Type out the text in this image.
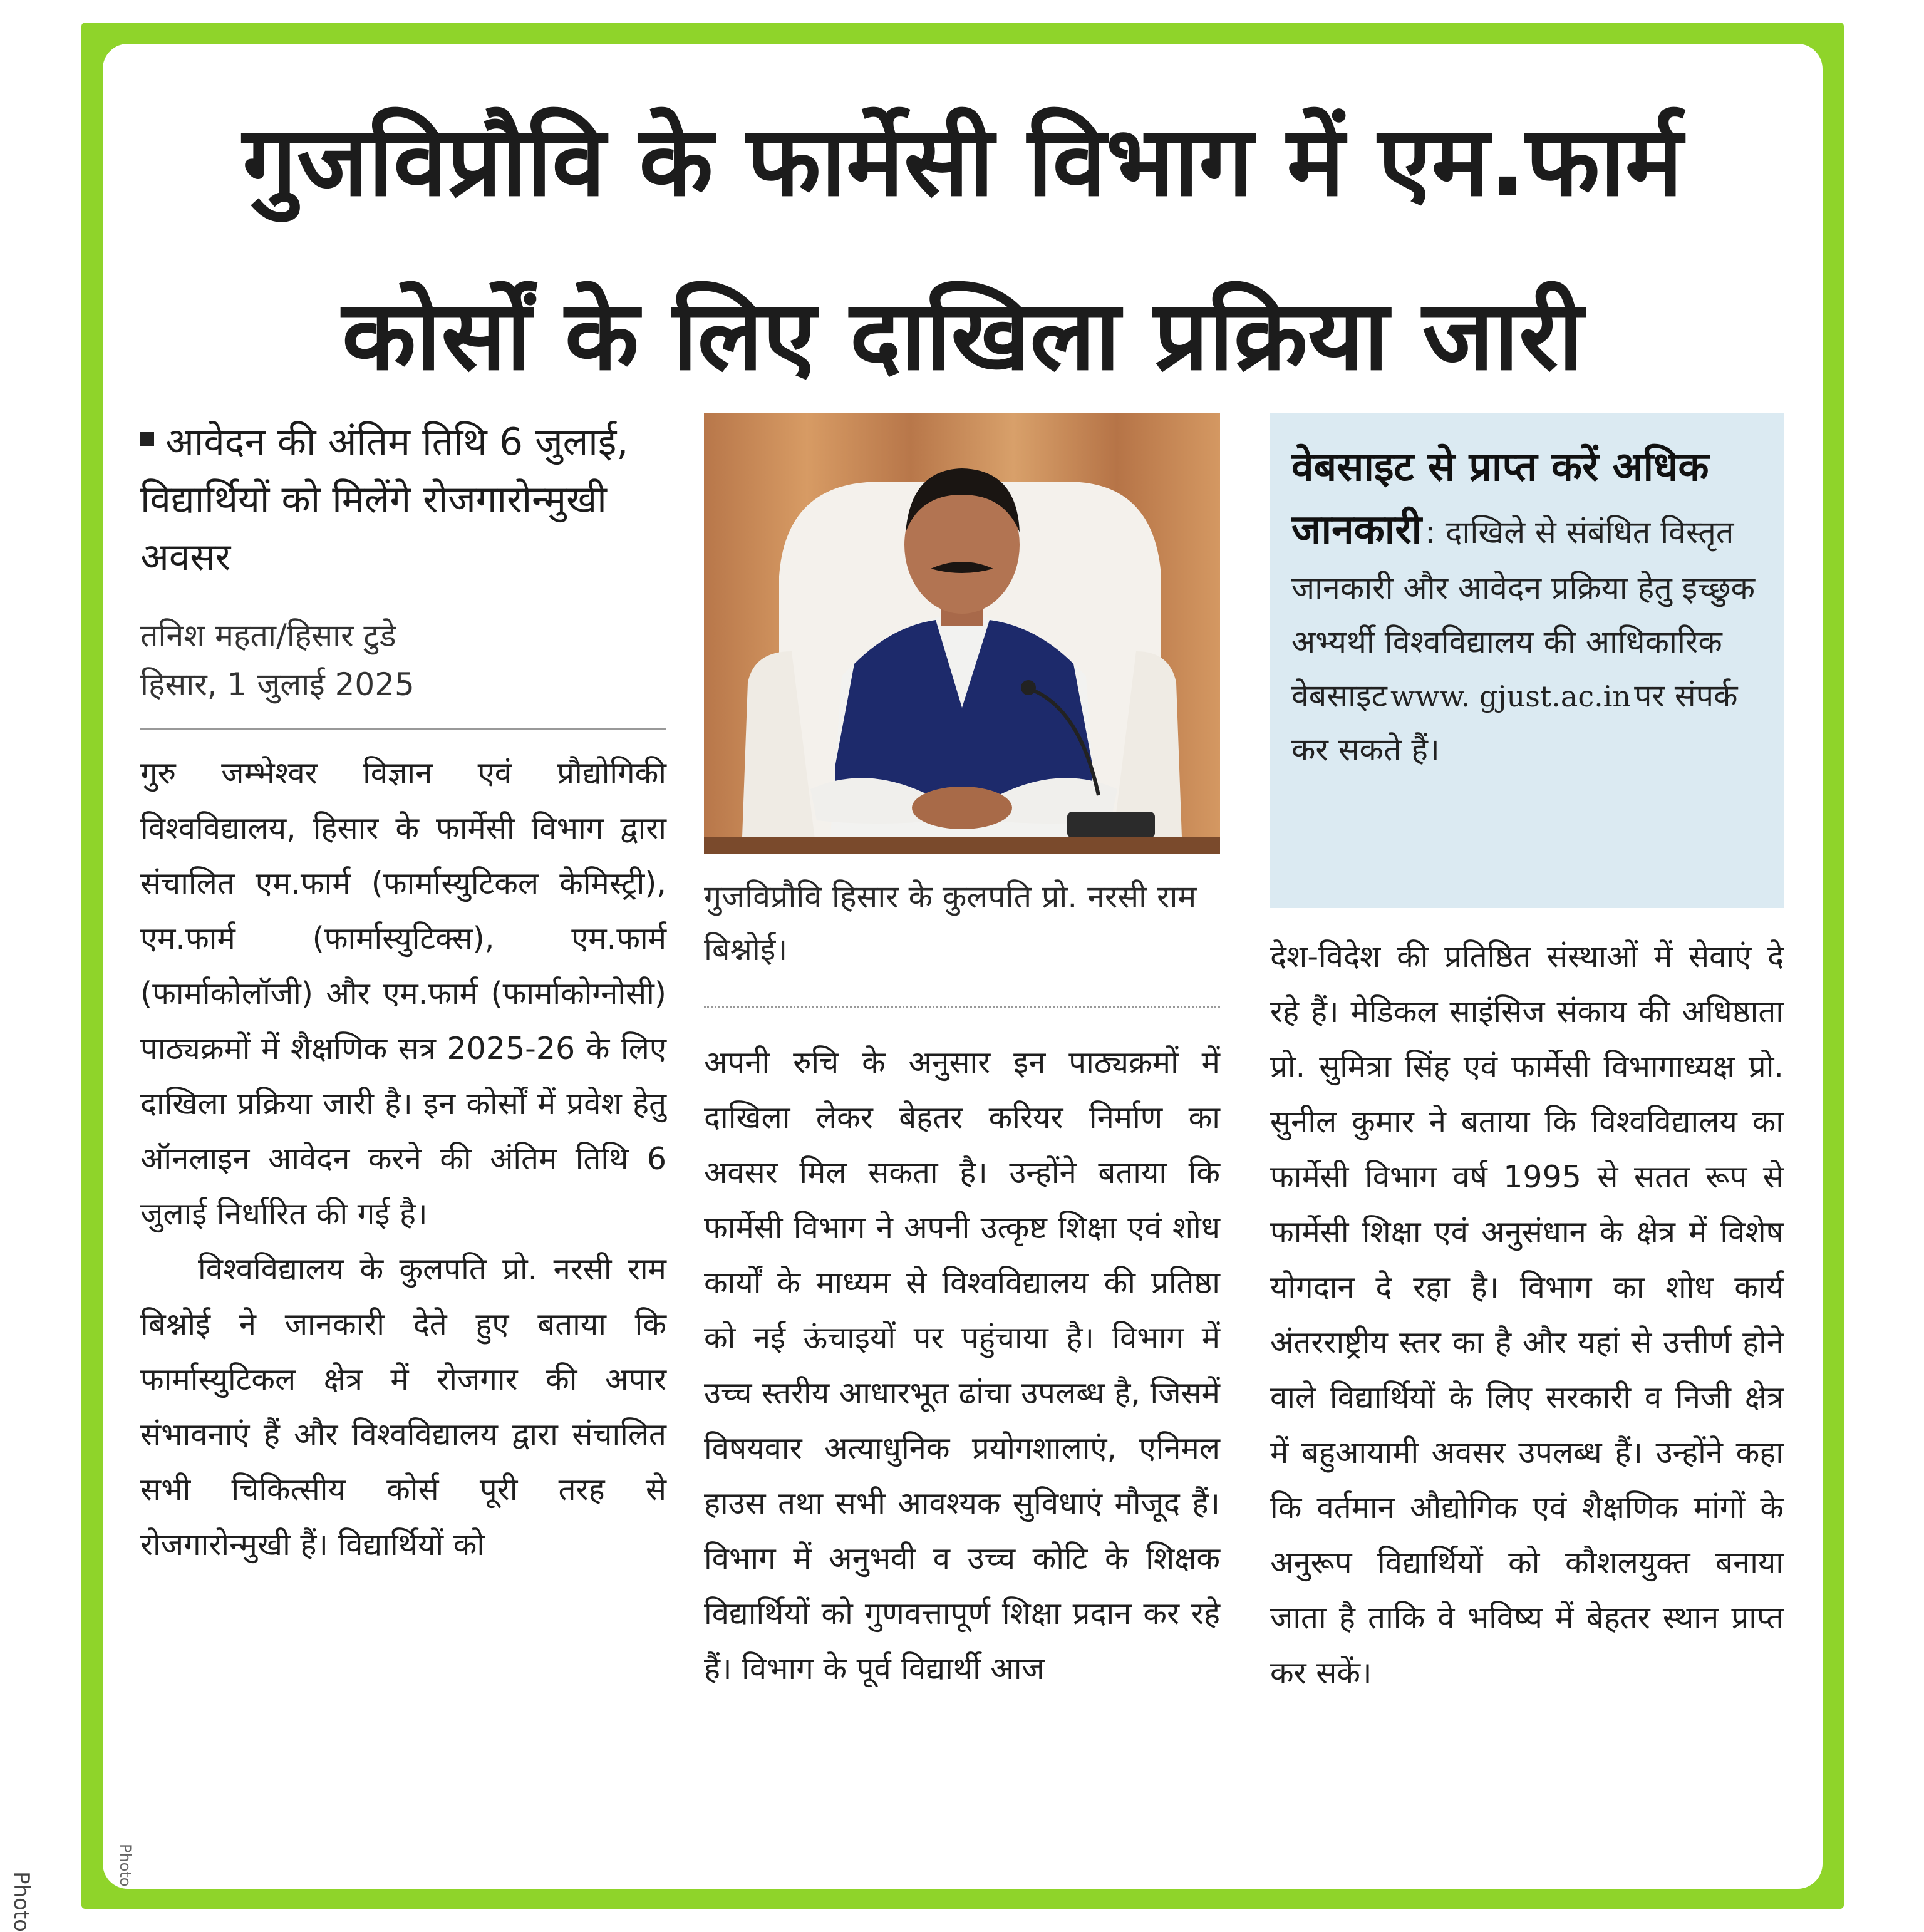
गुजविप्रौवि के फार्मेसी विभाग में एम.फार्म
कोर्सों के लिए दाखिला प्रक्रिया जारी

आवेदन की अंतिम तिथि 6 जुलाई, विद्यार्थियों को मिलेंगे रोजगारोन्मुखी अवसर

तनिश महता/हिसार टुडे

हिसार, 1 जुलाई 2025

गुरु जम्भेश्वर विज्ञान एवं प्रौद्योगिकी विश्वविद्यालय, हिसार के फार्मेसी विभाग द्वारा संचालित एम.फार्म (फार्मास्युटिकल केमिस्ट्री), एम.फार्म (फार्मास्युटिक्स), एम.फार्म (फार्माकोलॉजी) और एम.फार्म (फार्माकोग्नोसी) पाठ्यक्रमों में शैक्षणिक सत्र 2025-26 के लिए दाखिला प्रक्रिया जारी है। इन कोर्सों में प्रवेश हेतु ऑनलाइन आवेदन करने की अंतिम तिथि 6 जुलाई निर्धारित की गई है।

विश्वविद्यालय के कुलपति प्रो. नरसी राम बिश्नोई ने जानकारी देते हुए बताया कि फार्मास्युटिकल क्षेत्र में रोजगार की अपार संभावनाएं हैं और विश्वविद्यालय द्वारा संचालित सभी चिकित्सीय कोर्स पूरी तरह से रोजगारोन्मुखी हैं। विद्यार्थियों को

गुजविप्रौवि हिसार के कुलपति प्रो. नरसी राम बिश्नोई।

अपनी रुचि के अनुसार इन पाठ्यक्रमों में दाखिला लेकर बेहतर करियर निर्माण का अवसर मिल सकता है। उन्होंने बताया कि फार्मेसी विभाग ने अपनी उत्कृष्ट शिक्षा एवं शोध कार्यों के माध्यम से विश्वविद्यालय की प्रतिष्ठा को नई ऊंचाइयों पर पहुंचाया है। विभाग में उच्च स्तरीय आधारभूत ढांचा उपलब्ध है, जिसमें विषयवार अत्याधुनिक प्रयोगशालाएं, एनिमल हाउस तथा सभी आवश्यक सुविधाएं मौजूद हैं। विभाग में अनुभवी व उच्च कोटि के शिक्षक विद्यार्थियों को गुणवत्तापूर्ण शिक्षा प्रदान कर रहे हैं। विभाग के पूर्व विद्यार्थी आज

वेबसाइट से प्राप्त करें अधिक जानकारी : दाखिले से संबंधित विस्तृत जानकारी और आवेदन प्रक्रिया हेतु इच्छुक अभ्यर्थी विश्वविद्यालय की आधिकारिक वेबसाइट www. gjust.ac.in पर संपर्क कर सकते हैं।

देश-विदेश की प्रतिष्ठित संस्थाओं में सेवाएं दे रहे हैं। मेडिकल साइंसिज संकाय की अधिष्ठाता प्रो. सुमित्रा सिंह एवं फार्मेसी विभागाध्यक्ष प्रो. सुनील कुमार ने बताया कि विश्वविद्यालय का फार्मेसी विभाग वर्ष 1995 से सतत रूप से फार्मेसी शिक्षा एवं अनुसंधान के क्षेत्र में विशेष योगदान दे रहा है। विभाग का शोध कार्य अंतरराष्ट्रीय स्तर का है और यहां से उत्तीर्ण होने वाले विद्यार्थियों के लिए सरकारी व निजी क्षेत्र में बहुआयामी अवसर उपलब्ध हैं। उन्होंने कहा कि वर्तमान औद्योगिक एवं शैक्षणिक मांगों के अनुरूप विद्यार्थियों को कौशलयुक्त बनाया जाता है ताकि वे भविष्य में बेहतर स्थान प्राप्त कर सकें।

Photo
Photo
